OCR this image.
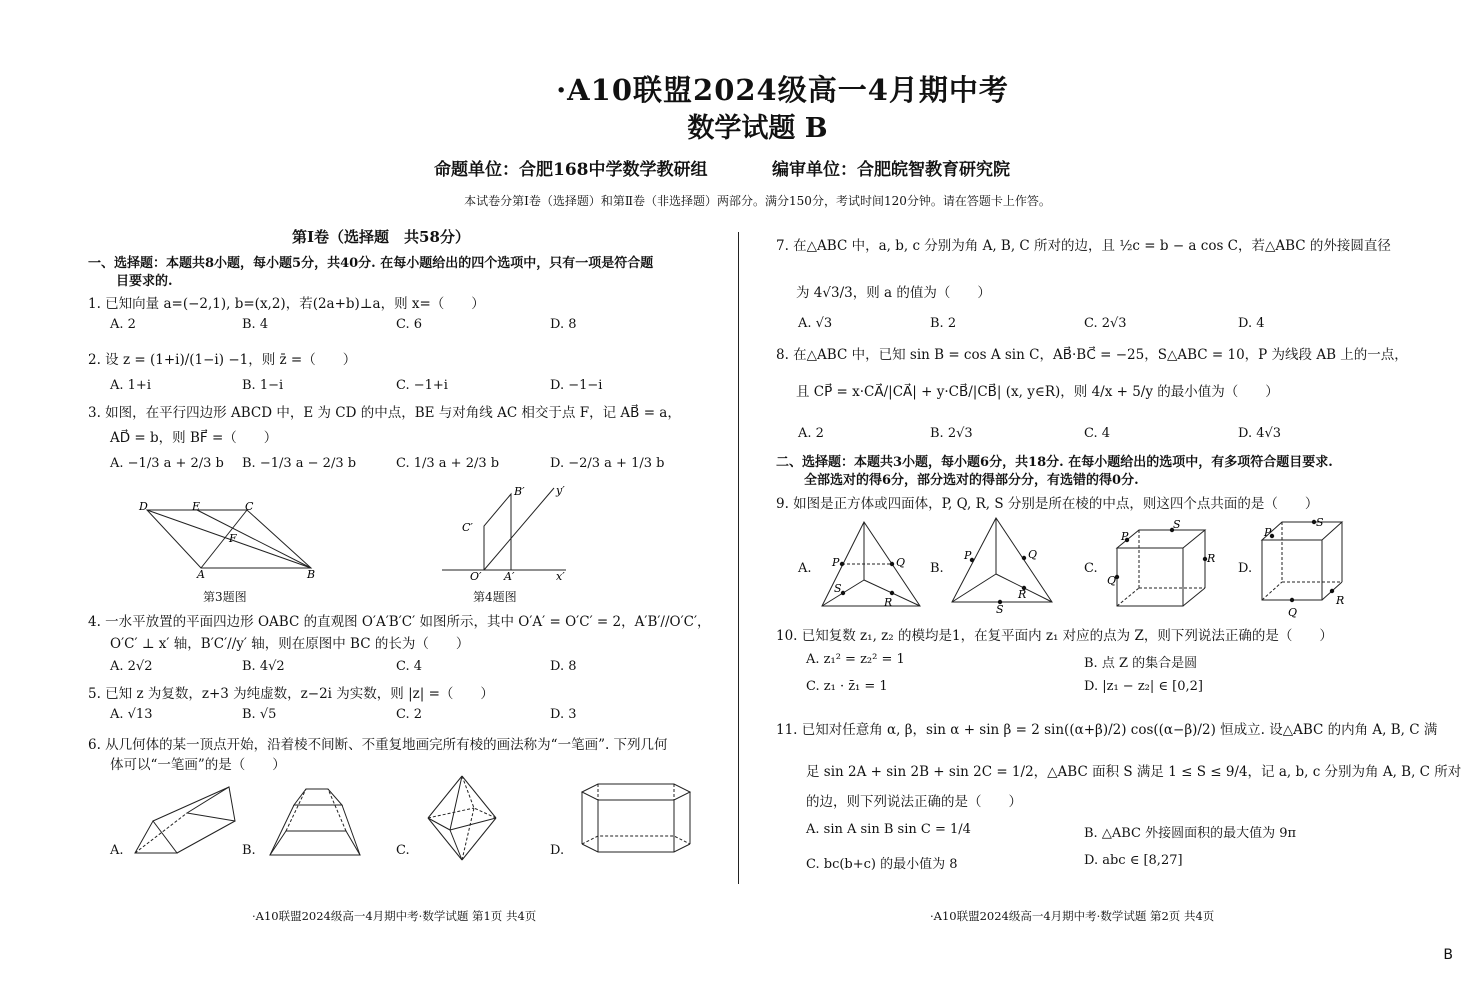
·A10联盟2024级高一4月期中考
数学试题 B
命题单位：合肥168中学数学教研组	编审单位：合肥皖智教育研究院
本试卷分第Ⅰ卷（选择题）和第Ⅱ卷（非选择题）两部分。满分150分，考试时间120分钟。请在答题卡上作答。
第Ⅰ卷（选择题　共58分）
一、选择题：本题共8小题，每小题5分，共40分. 在每小题给出的四个选项中，只有一项是符合题
目要求的.
1. 已知向量 a=(−2,1), b=(x,2)，若(2a+b)⊥a，则 x=（　　）
A. 2	B. 4	C. 6	D. 8
2. 设 z = (1+i)/(1−i) −1，则 z̄ =（　　）
A. 1+i	B. 1−i	C. −1+i	D. −1−i
3. 如图，在平行四边形 ABCD 中，E 为 CD 的中点，BE 与对角线 AC 相交于点 F，记 AB⃗ = a，
AD⃗ = b，则 BF⃗ =（　　）
A. −1/3 a + 2/3 b B. −1/3 a − 2/3 b	C. 1/3 a + 2/3 b	D. −2/3 a + 1/3 b
D	E	C
F
A	B
第3题图
B′	y′
C′
O′ A′	x′
第4题图
4. 一水平放置的平面四边形 OABC 的直观图 O′A′B′C′ 如图所示，其中 O′A′ = O′C′ = 2，A′B′//O′C′，
O′C′ ⊥ x′ 轴，B′C′//y′ 轴，则在原图中 BC 的长为（　　）
A. 2√2	B. 4√2	C. 4	D. 8
5. 已知 z 为复数，z+3 为纯虚数，z−2i 为实数，则 |z| =（　　）
A. √13	B. √5	C. 2	D. 3
6. 从几何体的某一顶点开始，沿着棱不间断、不重复地画完所有棱的画法称为“一笔画”. 下列几何
体可以“一笔画”的是（　　）
A.	B.	C.	D.
7. 在△ABC 中，a, b, c 分别为角 A, B, C 所对的边，且 ½c = b − a cos C，若△ABC 的外接圆直径
为 4√3/3，则 a 的值为（　　）
A. √3	B. 2	C. 2√3	D. 4
8. 在△ABC 中，已知 sin B = cos A sin C，AB⃗·BC⃗ = −25，S△ABC = 10，P 为线段 AB 上的一点，
且 CP⃗ = x·CA⃗/|CA⃗| + y·CB⃗/|CB⃗| (x, y∈R)，则 4/x + 5/y 的最小值为（　　）
A. 2	B. 2√3	C. 4	D. 4√3
二、选择题：本题共3小题，每小题6分，共18分. 在每小题给出的选项中，有多项符合题目要求.
全部选对的得6分，部分选对的得部分分，有选错的得0分.
9. 如图是正方体或四面体，P, Q, R, S 分别是所在棱的中点，则这四个点共面的是（　　）
A.	B.	C.	D.
P	Q
S
R
P	Q
R
S
P
S
Q
R
P
S
R
Q
10. 已知复数 z₁, z₂ 的模均是1，在复平面内 z₁ 对应的点为 Z，则下列说法正确的是（　　）
A. z₁² = z₂² = 1	B. 点 Z 的集合是圆
C. z₁ · z̄₁ = 1	D. |z₁ − z₂| ∈ [0,2]
11. 已知对任意角 α, β，sin α + sin β = 2 sin((α+β)/2) cos((α−β)/2) 恒成立. 设△ABC 的内角 A, B, C 满
足 sin 2A + sin 2B + sin 2C = 1/2，△ABC 面积 S 满足 1 ≤ S ≤ 9/4，记 a, b, c 分别为角 A, B, C 所对
的边，则下列说法正确的是（　　）
A. sin A sin B sin C = 1/4	B. △ABC 外接圆面积的最大值为 9π
C. bc(b+c) 的最小值为 8	D. abc ∈ [8,27]
·A10联盟2024级高一4月期中考·数学试题 第1页 共4页	·A10联盟2024级高一4月期中考·数学试题 第2页 共4页
B
